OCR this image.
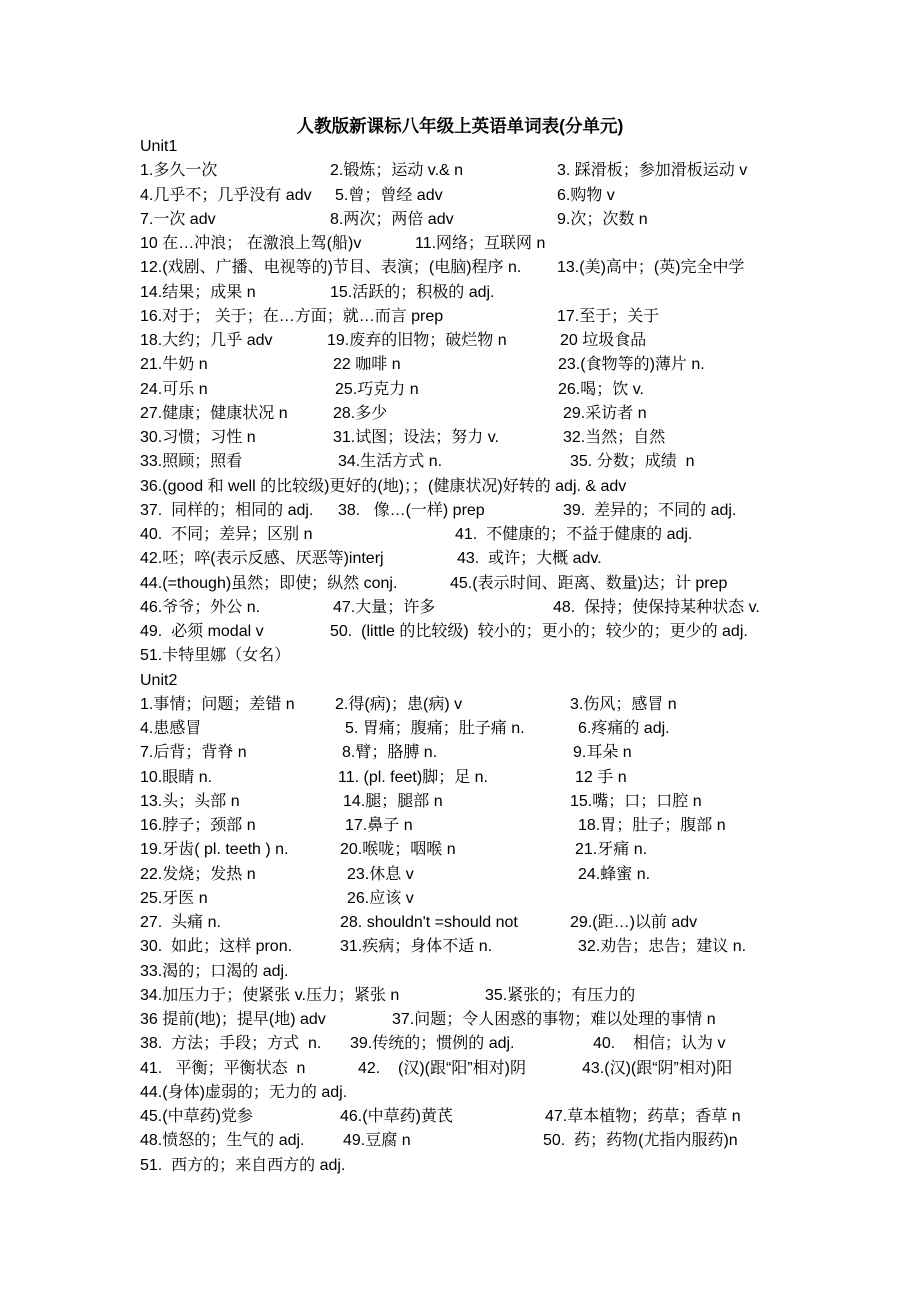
人教版新课标八年级上英语单词表(分单元)
Unit1
1.多久一次	2.锻炼；运动 v.& n	3. 踩滑板；参加滑板运动 v
4.几乎不；几乎没有 adv 5.曾；曾经 adv	6.购物 v
7.一次 adv	8.两次；两倍 adv	9.次；次数 n
10 在…冲浪； 在激浪上驾(船)v	11.网络；互联网 n
12.(戏剧、广播、电视等的)节目、表演；(电脑)程序 n. 13.(美)高中；(英)完全中学
14.结果；成果 n	15.活跃的；积极的 adj.
16.对于； 关于；在…方面；就…而言 prep	17.至于；关于
18.大约；几乎 adv	19.废弃的旧物；破烂物 n	20 垃圾食品
21.牛奶 n	22 咖啡 n	23.(食物等的)薄片 n.
24.可乐 n	25.巧克力 n	26.喝；饮 v.
27.健康；健康状况 n	28.多少	29.采访者 n
30.习惯；习性 n	31.试图；设法；努力 v.	32.当然；自然
33.照顾；照看	34.生活方式 n.	35. 分数；成绩  n
36.(good 和 well 的比较级)更好的(地)；；(健康状况)好转的 adj. & adv
37.  同样的；相同的 adj. 38.   像…(一样) prep	39.  差异的；不同的 adj.
40.  不同；差异；区别 n	41.  不健康的；不益于健康的 adj.
42.呸；啐(表示反感、厌恶等)interj	43.  或许；大概 adv.
44.(=though)虽然；即使；纵然 conj.	45.(表示时间、距离、数量)达；计 prep
46.爷爷；外公 n.	47.大量；许多	48.  保持；使保持某种状态 v.
49.  必须 modal v	50.  (little 的比较级)  较小的；更小的；较少的；更少的 adj.
51.卡特里娜（女名）
Unit2
1.事情；问题；差错 n	2.得(病)；患(病) v	3.伤风；感冒 n
4.患感冒	5. 胃痛；腹痛；肚子痛 n.	6.疼痛的 adj.
7.后背；背脊 n	8.臂；胳膊 n.	9.耳朵 n
10.眼睛 n.	11. (pl. feet)脚；足 n.	12 手 n
13.头；头部 n	14.腿；腿部 n	15.嘴；口；口腔 n
16.脖子；颈部 n	17.鼻子 n	18.胃；肚子；腹部 n
19.牙齿( pl. teeth ) n.	20.喉咙；咽喉 n	21.牙痛 n.
22.发烧；发热 n	23.休息 v	24.蜂蜜 n.
25.牙医 n	26.应该 v
27.  头痛 n.	28. shouldn't =should not	29.(距…)以前 adv
30.  如此；这样 pron.	31.疾病；身体不适 n.	32.劝告；忠告；建议 n.
33.渴的；口渴的 adj.
34.加压力于；使紧张 v.压力；紧张 n	35.紧张的；有压力的
36 提前(地)；提早(地) adv	37.问题；令人困惑的事物；难以处理的事情 n
38.  方法；手段；方式  n. 39.传统的；惯例的 adj.	40.    相信；认为 v
41.   平衡；平衡状态  n	42.    (汉)(跟“阳”相对)阴	43.(汉)(跟“阴”相对)阳
44.(身体)虚弱的；无力的 adj.
45.(中草药)党参	46.(中草药)黄芪	47.草本植物；药草；香草 n
48.愤怒的；生气的 adj. 49.豆腐 n	50.  药；药物(尤指内服药)n
51.  西方的；来自西方的 adj.
